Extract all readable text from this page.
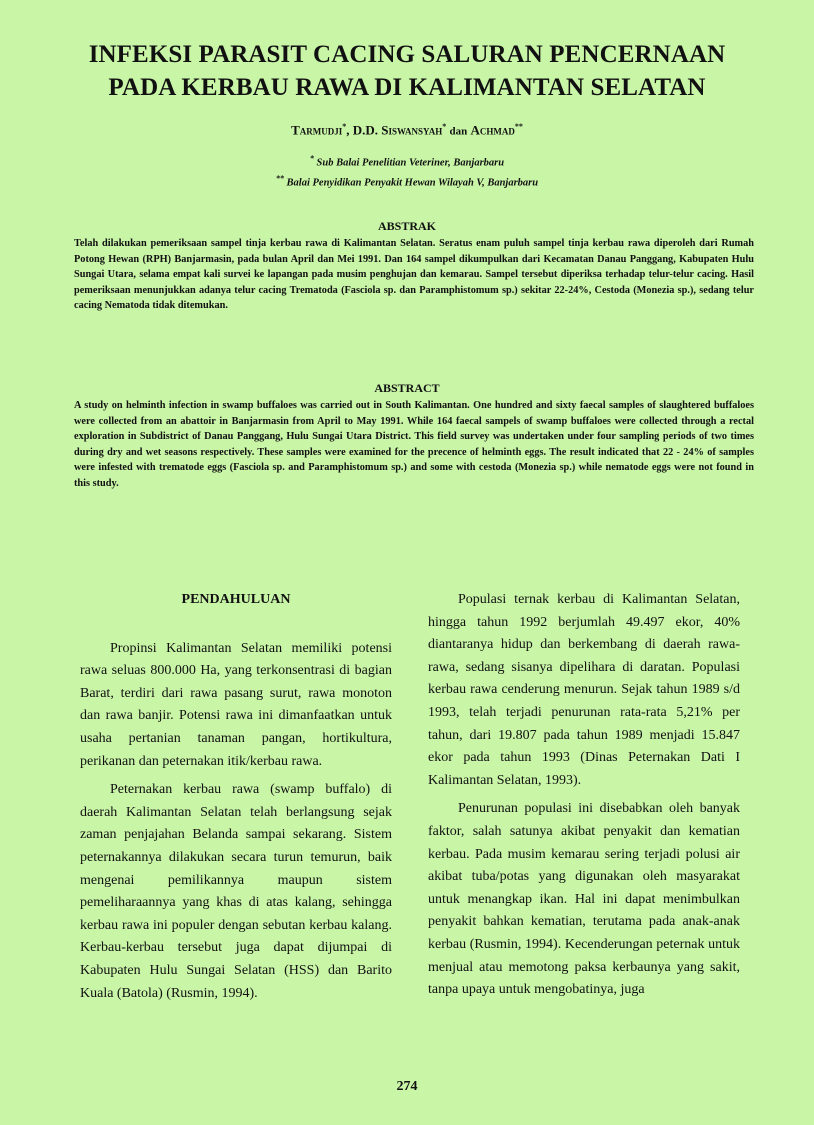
INFEKSI PARASIT CACING SALURAN PENCERNAAN PADA KERBAU RAWA DI KALIMANTAN SELATAN
Tarmudji*, D.D. Siswansyah* dan Achmad**
* Sub Balai Penelitian Veteriner, Banjarbaru
** Balai Penyidikan Penyakit Hewan Wilayah V, Banjarbaru
ABSTRAK
Telah dilakukan pemeriksaan sampel tinja kerbau rawa di Kalimantan Selatan. Seratus enam puluh sampel tinja kerbau rawa diperoleh dari Rumah Potong Hewan (RPH) Banjarmasin, pada bulan April dan Mei 1991. Dan 164 sampel dikumpulkan dari Kecamatan Danau Panggang, Kabupaten Hulu Sungai Utara, selama empat kali survei ke lapangan pada musim penghujan dan kemarau. Sampel tersebut diperiksa terhadap telur-telur cacing. Hasil pemeriksaan menunjukkan adanya telur cacing Trematoda (Fasciola sp. dan Paramphistomum sp.) sekitar 22-24%, Cestoda (Monezia sp.), sedang telur cacing Nematoda tidak ditemukan.
ABSTRACT
A study on helminth infection in swamp buffaloes was carried out in South Kalimantan. One hundred and sixty faecal samples of slaughtered buffaloes were collected from an abattoir in Banjarmasin from April to May 1991. While 164 faecal sampels of swamp buffaloes were collected through a rectal exploration in Subdistrict of Danau Panggang, Hulu Sungai Utara District. This field survey was undertaken under four sampling periods of two times during dry and wet seasons respectively. These samples were examined for the precence of helminth eggs. The result indicated that 22 - 24% of samples were infested with trematode eggs (Fasciola sp. and Paramphistomum sp.) and some with cestoda (Monezia sp.) while nematode eggs were not found in this study.
PENDAHULUAN

Propinsi Kalimantan Selatan memiliki potensi rawa seluas 800.000 Ha, yang terkonsentrasi di bagian Barat, terdiri dari rawa pasang surut, rawa monoton dan rawa banjir. Potensi rawa ini dimanfaatkan untuk usaha pertanian tanaman pangan, hortikultura, perikanan dan peternakan itik/kerbau rawa.

Peternakan kerbau rawa (swamp buffalo) di daerah Kalimantan Selatan telah berlangsung sejak zaman penjajahan Belanda sampai sekarang. Sistem peternakannya dilakukan secara turun temurun, baik mengenai pemilikannya maupun sistem pemeliharaannya yang khas di atas kalang, sehingga kerbau rawa ini populer dengan sebutan kerbau kalang. Kerbau-kerbau tersebut juga dapat dijumpai di Kabupaten Hulu Sungai Selatan (HSS) dan Barito Kuala (Batola) (Rusmin, 1994).

Populasi ternak kerbau di Kalimantan Selatan, hingga tahun 1992 berjumlah 49.497 ekor, 40% diantaranya hidup dan berkembang di daerah rawa-rawa, sedang sisanya dipelihara di daratan. Populasi kerbau rawa cenderung menurun. Sejak tahun 1989 s/d 1993, telah terjadi penurunan rata-rata 5,21% per tahun, dari 19.807 pada tahun 1989 menjadi 15.847 ekor pada tahun 1993 (Dinas Peternakan Dati I Kalimantan Selatan, 1993).

Penurunan populasi ini disebabkan oleh banyak faktor, salah satunya akibat penyakit dan kematian kerbau. Pada musim kemarau sering terjadi polusi air akibat tuba/potas yang digunakan oleh masyarakat untuk menangkap ikan. Hal ini dapat menimbulkan penyakit bahkan kematian, terutama pada anak-anak kerbau (Rusmin, 1994). Kecenderungan peternak untuk menjual atau memotong paksa kerbaunya yang sakit, tanpa upaya untuk mengobatinya, juga

274
